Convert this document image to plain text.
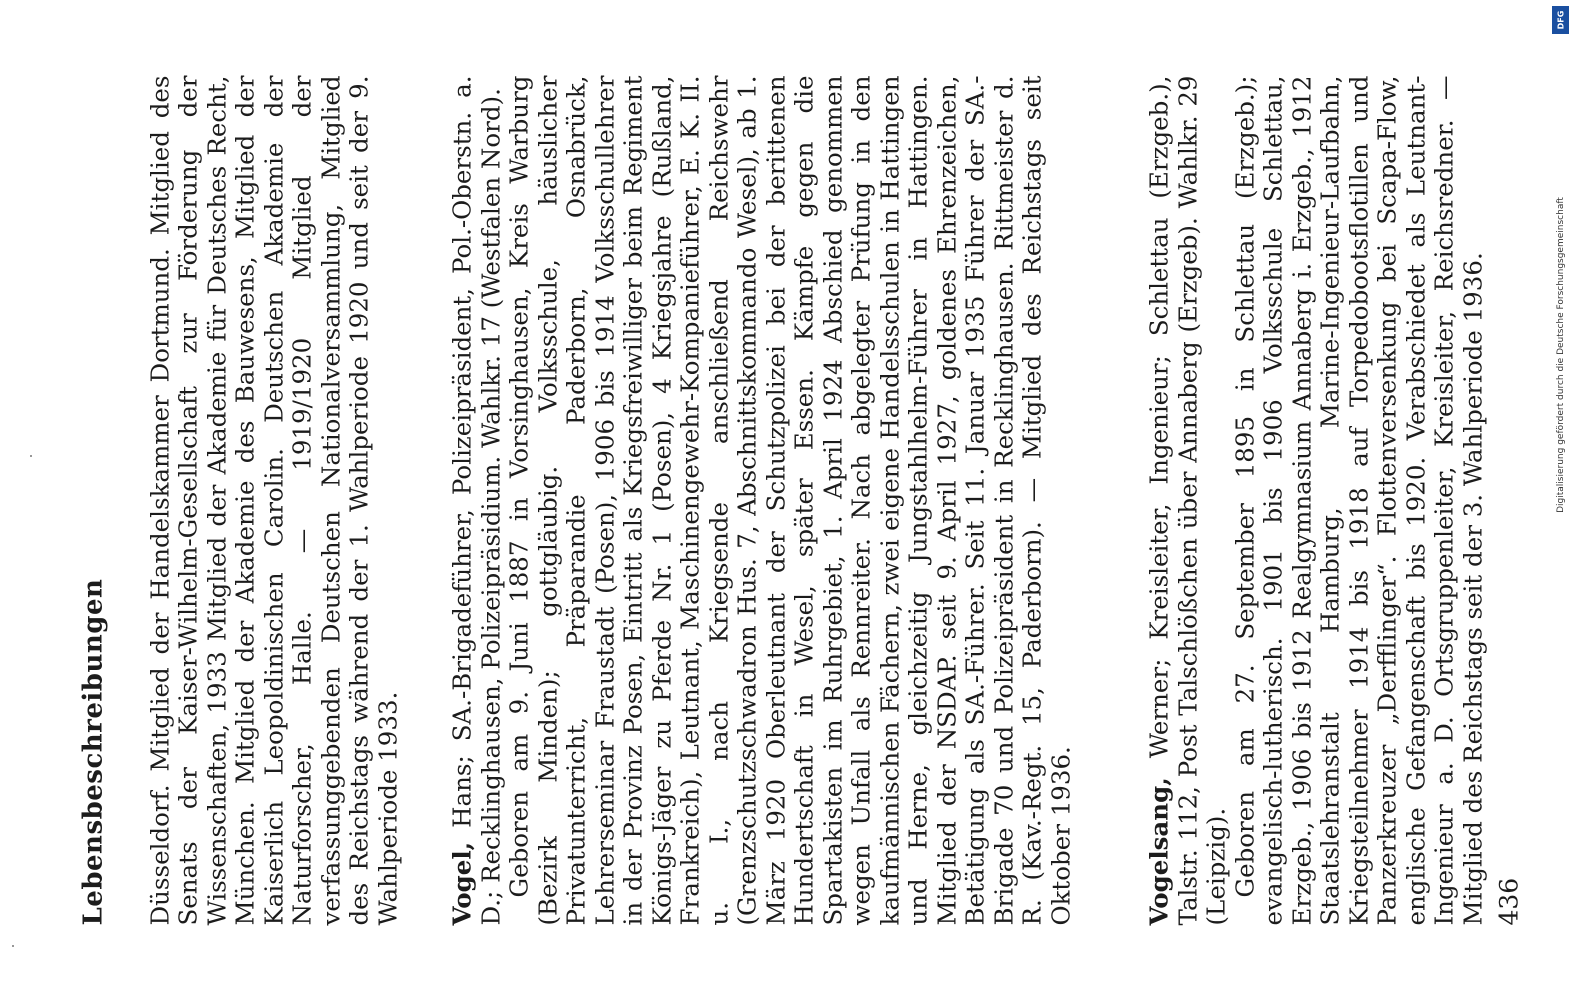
Lebensbeschreibungen Düsseldorf. Mitglied der Handelskammer Dortmund. Mitglied des Senats der Kaiser-Wilhelm-Gesellschaft zur Förderung der Wissenschaften, 1933 Mitglied der Akademie für Deutsches Recht, München. Mitglied der Akademie des Bauwesens, Mitglied der Kaiserlich Leopoldinischen Carolin. Deutschen Akademie der Naturforscher, Halle. — 1919/1920 Mitglied der verfassunggebenden Deutschen Nationalversammlung, Mitglied des Reichstags während der 1. Wahlperiode 1920 und seit der 9. Wahlperiode 1933. Vogel, Hans; SA.-Brigadeführer, Polizeipräsident, Pol.-Oberstn. a. D.; Recklinghausen, Polizeipräsidium. Wahlkr. 17 (Westfalen Nord). Geboren am 9. Juni 1887 in Vorsinghausen, Kreis Warburg (Bezirk Minden); gottgläubig. Volksschule, häuslicher Privatunterricht, Präparandie Paderborn, Osnabrück, Lehrerseminar Fraustadt (Posen), 1906 bis 1914 Volksschullehrer in der Provinz Posen, Eintritt als Kriegsfreiwilliger beim Regiment Königs-Jäger zu Pferde Nr. 1 (Posen), 4 Kriegsjahre (Rußland, Frankreich), Leutnant, Maschinengewehr-Kompanieführer, E. K. II. u. I., nach Kriegsende anschließend Reichswehr (Grenzschutzschwadron Hus. 7, Abschnittskommando Wesel), ab 1. März 1920 Oberleutnant der Schutzpolizei bei der berittenen Hundertschaft in Wesel, später Essen. Kämpfe gegen die Spartakisten im Ruhrgebiet, 1. April 1924 Abschied genommen wegen Unfall als Rennreiter. Nach abgelegter Prüfung in den kaufmännischen Fächern, zwei eigene Handelsschulen in Hattingen und Herne, gleichzeitig Jungstahlhelm-Führer in Hattingen. Mitglied der NSDAP. seit 9. April 1927, goldenes Ehrenzeichen, Betätigung als SA.-Führer. Seit 11. Januar 1935 Führer der SA.-Brigade 70 und Polizeipräsident in Recklinghausen. Rittmeister d. R. (Kav.-Regt. 15, Paderborn). — Mitglied des Reichstags seit Oktober 1936.	Vogelsang, Werner; Kreisleiter, Ingenieur; Schlettau (Erzgeb.), Talstr. 112, Post Talschlößchen über Annaberg (Erzgeb). Wahlkr. 29 (Leipzig). Geboren am 27. September 1895 in Schlettau (Erzgeb.); evangelisch-lutherisch. 1901 bis 1906 Volksschule Schlettau, Erzgeb., 1906 bis 1912 Realgymnasium Annaberg i. Erzgeb., 1912 Staatslehranstalt Hamburg, Marine-Ingenieur-Laufbahn, Kriegsteilnehmer 1914 bis 1918 auf Torpedobootsflotillen und Panzerkreuzer „Derfflinger“. Flottenversenkung bei Scapa-Flow, englische Gefangenschaft bis 1920. Verabschiedet als Leutnant-Ingenieur a. D. Ortsgruppenleiter, Kreisleiter, Reichsredner. — Mitglied des Reichstags seit der 3. Wahlperiode 1936. 436
DFG
Digitalisierung gefördert durch die Deutsche Forschungsgemeinschaft
